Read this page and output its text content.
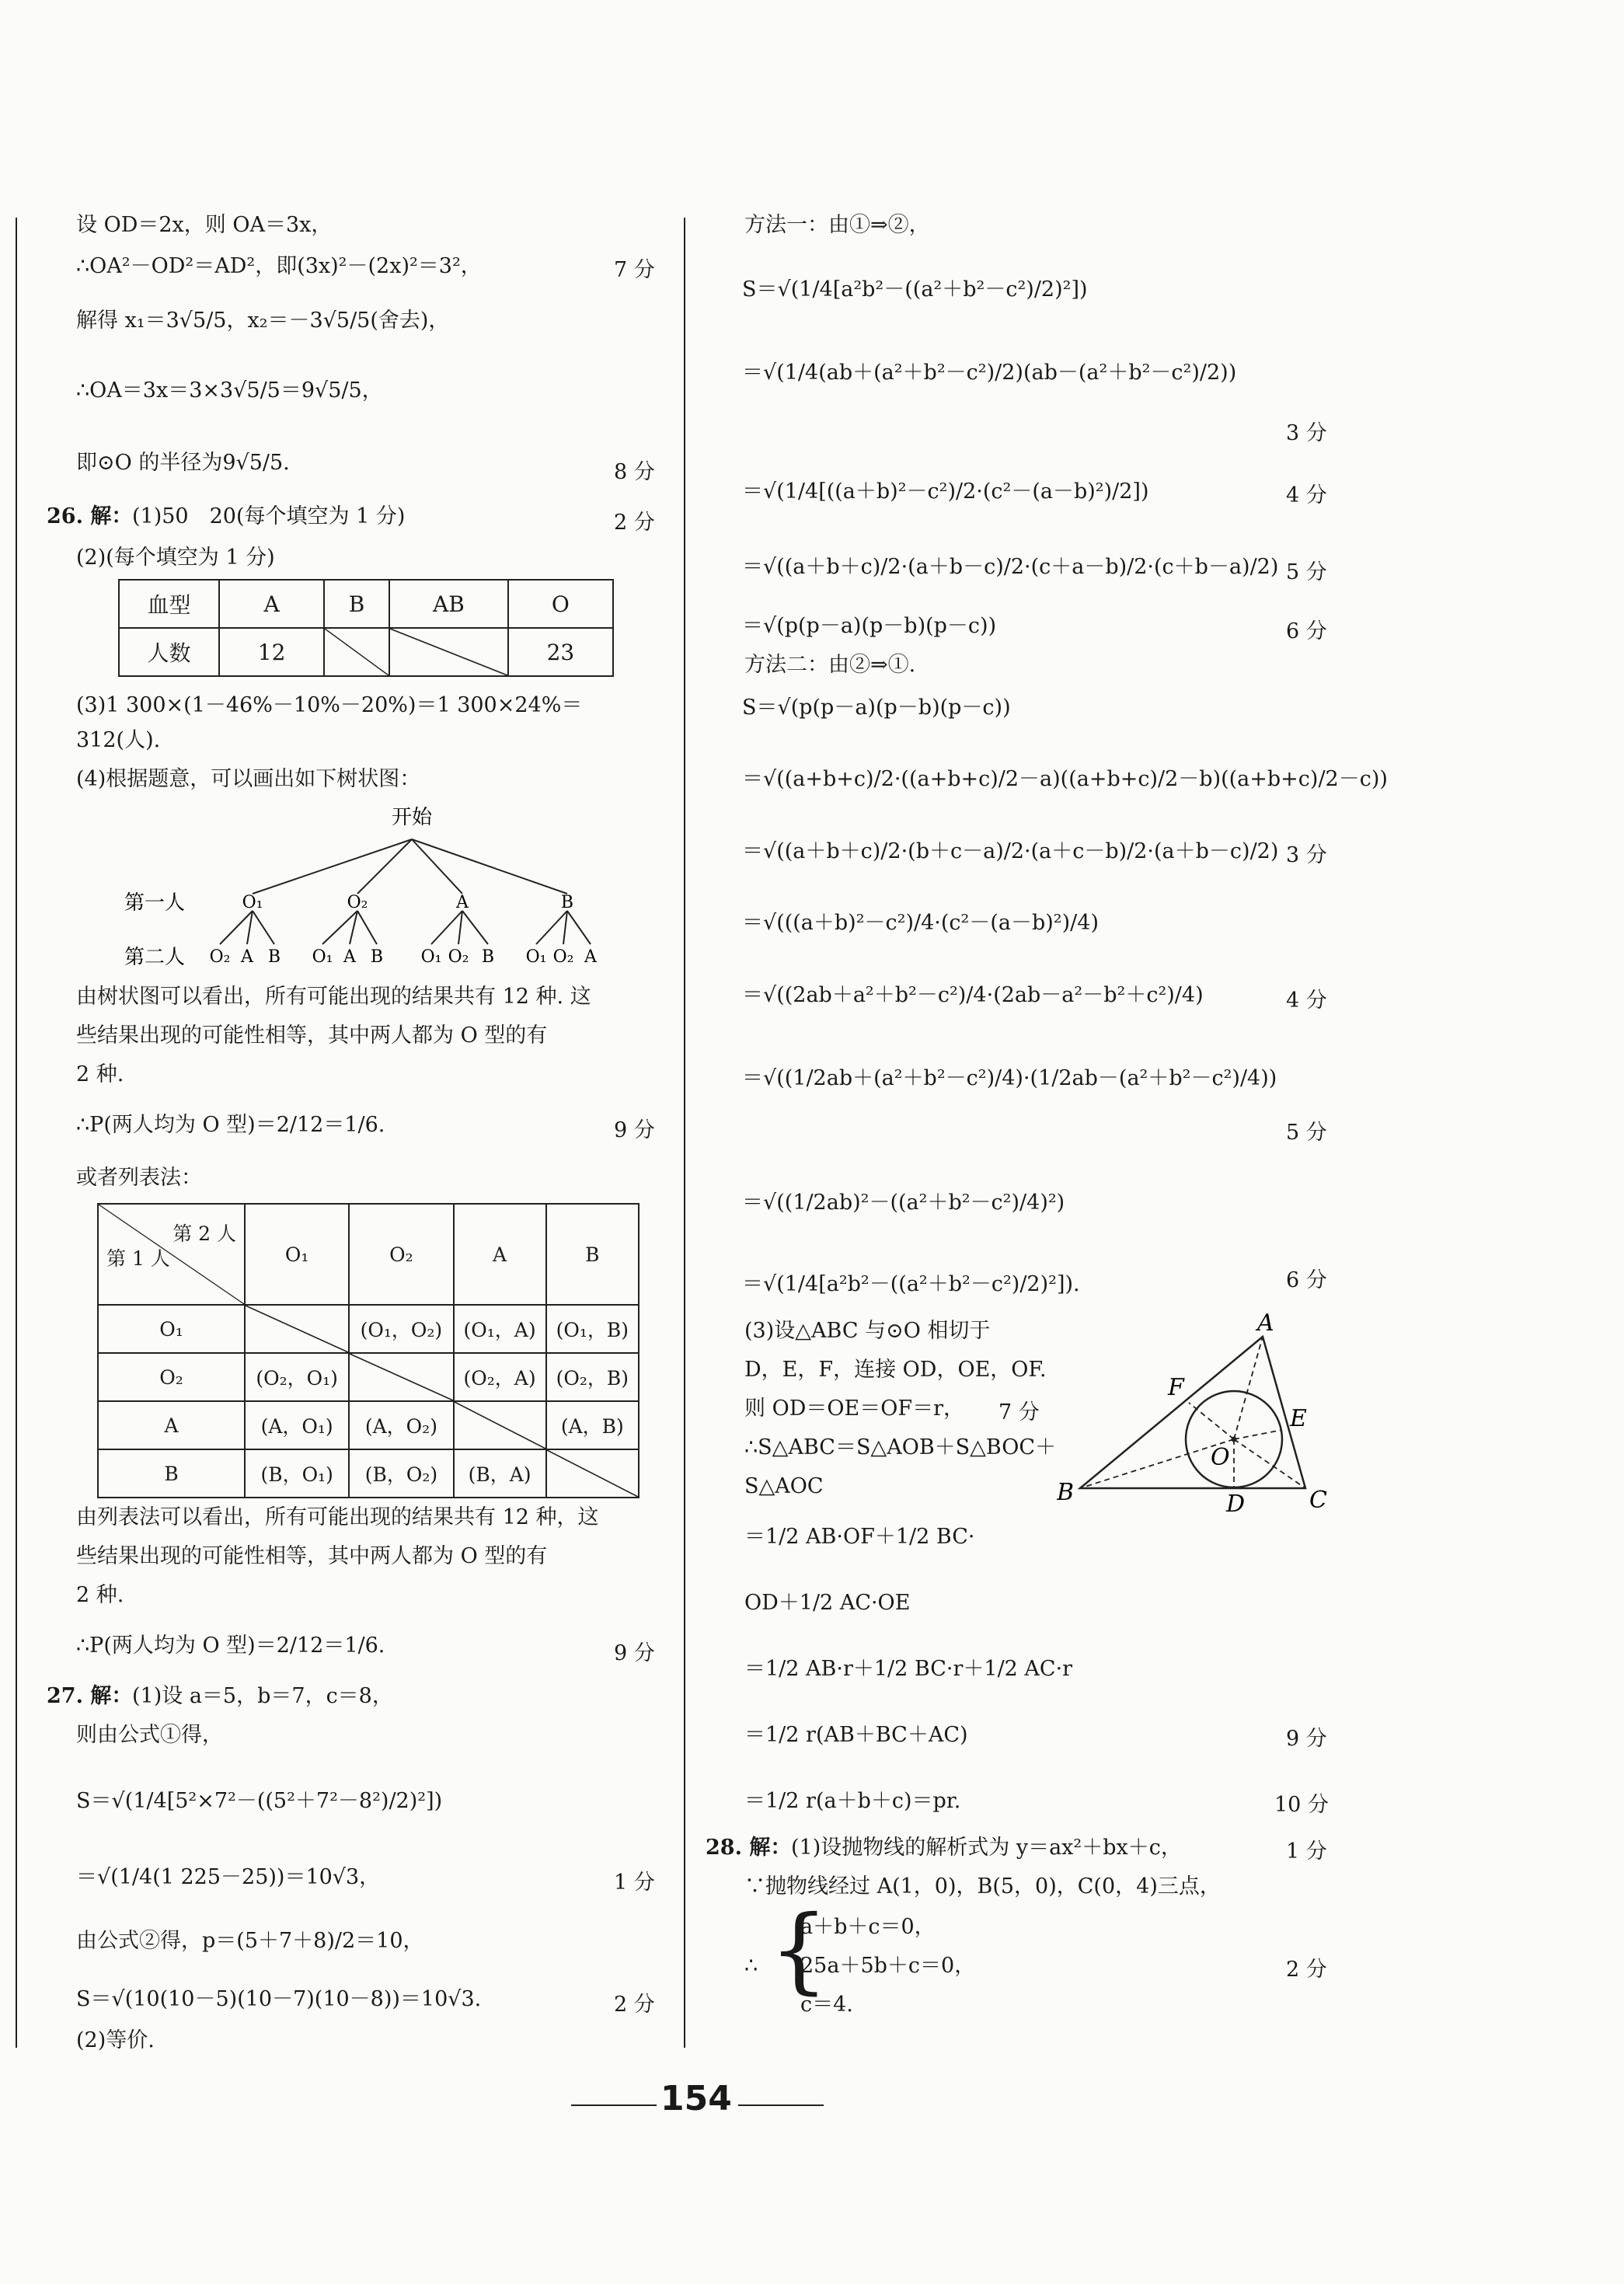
设 OD＝2x，则 OA＝3x，
∴OA²－OD²＝AD²，即(3x)²－(2x)²＝3²，	7 分
解得 x₁＝3√5/5，x₂＝－3√5/5(舍去)，
∴OA＝3x＝3×3√5/5＝9√5/5，
即⊙O 的半径为9√5/5.	8 分
26. 解： (1)50　20(每个填空为 1 分)	2 分
(2)(每个填空为 1 分)
血型	A	B	AB	O
人数	12			23
(3)1 300×(1－46%－10%－20%)＝1 300×24%＝
312(人).
(4)根据题意，可以画出如下树状图：
开始
第一人
第二人
O₁	O₂	A	B
O₂ A B O₁ A B O₁ O₂ B O₁ O₂ A
由树状图可以看出，所有可能出现的结果共有 12 种. 这
些结果出现的可能性相等，其中两人都为 O 型的有
2 种.
∴P(两人均为 O 型)＝2/12＝1/6.	9 分
或者列表法：
第 2 人
第 1 人	O₁	O₂	A	B
O₁		(O₁，O₂)	(O₁，A)	(O₁，B)
O₂	(O₂，O₁)		(O₂，A)	(O₂，B)
A	(A，O₁)	(A，O₂)		(A，B)
B	(B，O₁)	(B，O₂)	(B，A)	
由列表法可以看出，所有可能出现的结果共有 12 种，这
些结果出现的可能性相等，其中两人都为 O 型的有
2 种.
∴P(两人均为 O 型)＝2/12＝1/6.	9 分
27. 解： (1)设 a＝5，b＝7，c＝8，
则由公式①得，
S＝√(1/4[5²×7²－((5²＋7²－8²)/2)²])
＝√(1/4(1 225－25))＝10√3，	1 分
由公式②得，p＝(5＋7＋8)/2＝10，
S＝√(10(10－5)(10－7)(10－8))＝10√3.	2 分
(2)等价.
方法一：由①⇒②，
S＝√(1/4[a²b²－((a²＋b²－c²)/2)²])
＝√(1/4(ab＋(a²＋b²－c²)/2)(ab－(a²＋b²－c²)/2))
3 分
＝√(1/4[((a＋b)²－c²)/2·(c²－(a－b)²)/2])	4 分
＝√((a＋b＋c)/2·(a＋b－c)/2·(c＋a－b)/2·(c＋b－a)/2) 5 分
＝√(p(p－a)(p－b)(p－c))	6 分
方法二：由②⇒①.
S＝√(p(p－a)(p－b)(p－c))
＝√((a+b+c)/2·((a+b+c)/2－a)((a+b+c)/2－b)((a+b+c)/2－c))
＝√((a＋b＋c)/2·(b＋c－a)/2·(a＋c－b)/2·(a＋b－c)/2) 3 分
＝√(((a＋b)²－c²)/4·(c²－(a－b)²)/4)
＝√((2ab＋a²＋b²－c²)/4·(2ab－a²－b²＋c²)/4)	4 分
＝√((1/2ab＋(a²＋b²－c²)/4)·(1/2ab－(a²＋b²－c²)/4))
5 分
＝√((1/2ab)²－((a²＋b²－c²)/4)²)
＝√(1/4[a²b²－((a²＋b²－c²)/2)²]).	6 分
(3)设△ABC 与⊙O 相切于
D，E，F，连接 OD，OE，OF.
则 OD＝OE＝OF＝r， 7 分
∴S△ABC＝S△AOB＋S△BOC＋
S△AOC
＝1/2 AB·OF＋1/2 BC·
OD＋1/2 AC·OE
＝1/2 AB·r＋1/2 BC·r＋1/2 AC·r
＝1/2 r(AB＋BC＋AC)	9 分
＝1/2 r(a＋b＋c)＝pr.	10 分
A
B	C
D
E
F
O
28. 解： (1)设抛物线的解析式为 y＝ax²＋bx＋c，	1 分
∵抛物线经过 A(1，0)，B(5，0)，C(0，4)三点，
∴ {
a＋b＋c＝0，
25a＋5b＋c＝0，
c＝4.
2 分
154
